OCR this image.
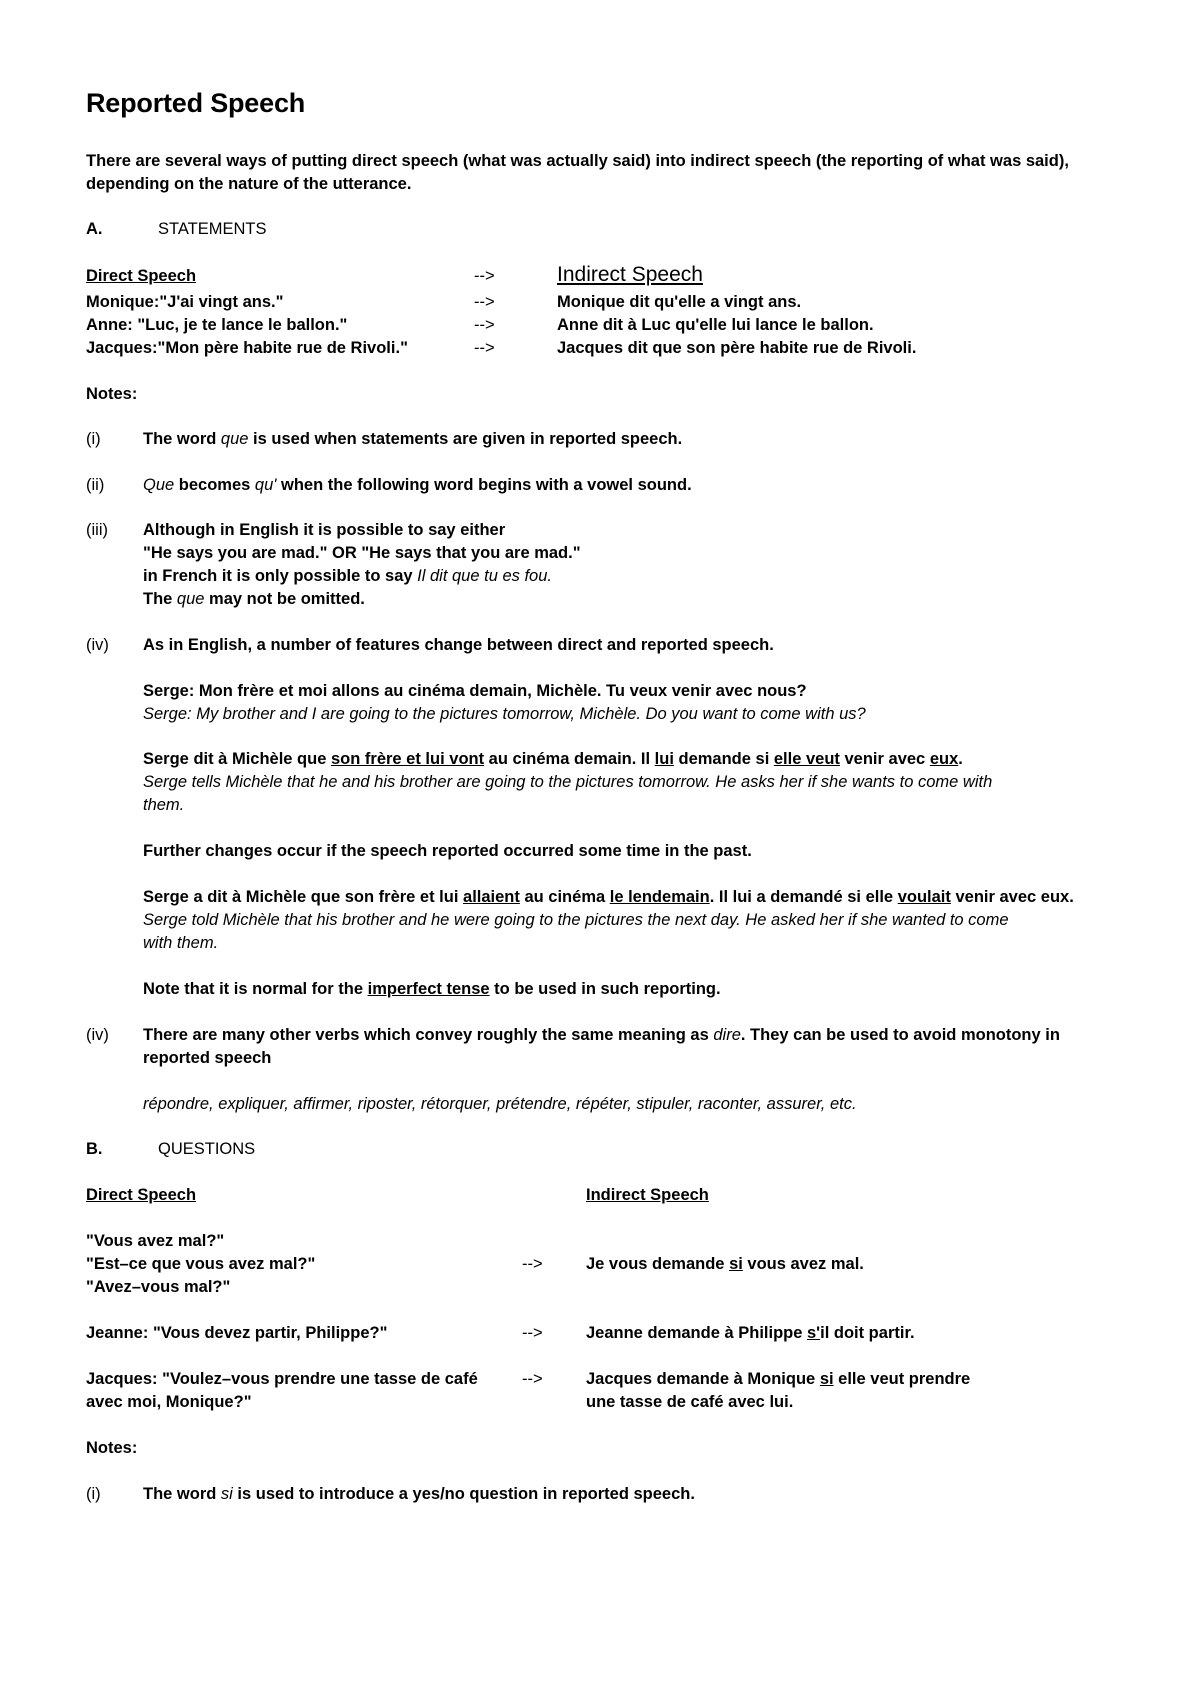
Reported Speech
There are several ways of putting direct speech (what was actually said) into indirect speech (the reporting of what was said),
depending on the nature of the utterance.
A.	STATEMENTS
Direct Speech	-->	Indirect Speech
Monique:"J'ai vingt ans."	-->	Monique dit qu'elle a vingt ans.
Anne: "Luc, je te lance le ballon."	-->	Anne dit à Luc qu'elle lui lance le ballon.
Jacques:"Mon père habite rue de Rivoli."	-->	Jacques dit que son père habite rue de Rivoli.
Notes:
(i)	The word que is used when statements are given in reported speech.
(ii) Que becomes qu' when the following word begins with a vowel sound.
(iii) Although in English it is possible to say either
"He says you are mad." OR "He says that you are mad."
in French it is only possible to say Il dit que tu es fou.
The que may not be omitted.
(iv) As in English, a number of features change between direct and reported speech.
Serge: Mon frère et moi allons au cinéma demain, Michèle. Tu veux venir avec nous?
Serge: My brother and I are going to the pictures tomorrow, Michèle. Do you want to come with us?
Serge dit à Michèle que son frère et lui vont au cinéma demain. Il lui demande si elle veut venir avec eux.
Serge tells Michèle that he and his brother are going to the pictures tomorrow. He asks her if she wants to come with
them.
Further changes occur if the speech reported occurred some time in the past.
Serge a dit à Michèle que son frère et lui allaient au cinéma le lendemain. Il lui a demandé si elle voulait venir avec eux.
Serge told Michèle that his brother and he were going to the pictures the next day. He asked her if she wanted to come
with them.
Note that it is normal for the imperfect tense to be used in such reporting.
(iv) There are many other verbs which convey roughly the same meaning as dire. They can be used to avoid monotony in
reported speech
répondre, expliquer, affirmer, riposter, rétorquer, prétendre, répéter, stipuler, raconter, assurer, etc.
B.	QUESTIONS
Direct Speech	Indirect Speech
"Vous avez mal?"
"Est–ce que vous avez mal?"
"Avez–vous mal?"
-->	Je vous demande si vous avez mal.
Jeanne: "Vous devez partir, Philippe?"	-->	Jeanne demande à Philippe s'il doit partir.
Jacques: "Voulez–vous prendre une tasse de café
avec moi, Monique?"
-->	Jacques demande à Monique si elle veut prendre
une tasse de café avec lui.
Notes:
(i)	The word si is used to introduce a yes/no question in reported speech.
